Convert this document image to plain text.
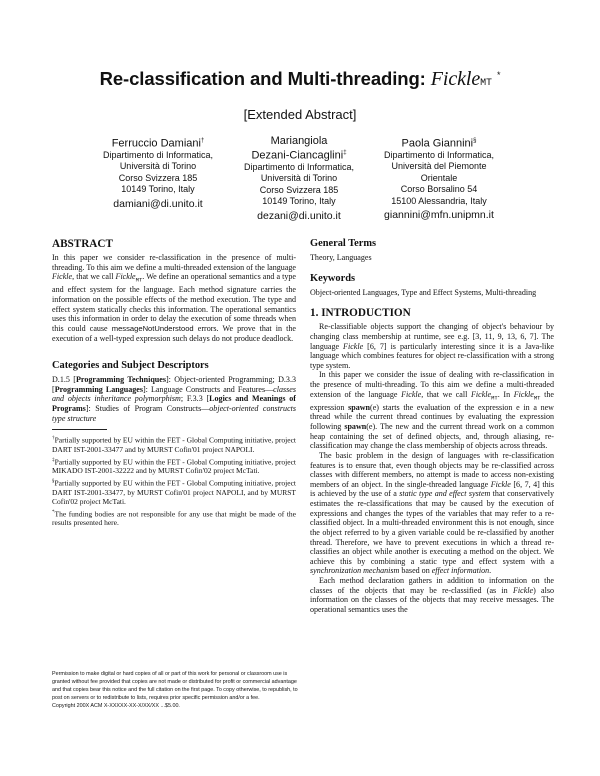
Re-classification and Multi-threading: FickleMT *
[Extended Abstract]
Ferruccio Damiani†
Dipartimento di Informatica,
Università di Torino
Corso Svizzera 185
10149 Torino, Italy
damiani@di.unito.it
Mariangiola
Dezani-Ciancaglini‡
Dipartimento di Informatica,
Università di Torino
Corso Svizzera 185
10149 Torino, Italy
dezani@di.unito.it
Paola Giannini§
Dipartimento di Informatica,
Università del Piemonte
Orientale
Corso Borsalino 54
15100 Alessandria, Italy
giannini@mfn.unipmn.it
ABSTRACT

In this paper we consider re-classification in the presence of multi-threading. To this aim we define a multi-threaded extension of the language Fickle, that we call Fickle$_{MT}$. We define an operational semantics and a type and effect system for the language. Each method signature carries the information on the possible effects of the method execution. The type and effect system statically checks this information. The operational semantics uses this information in order to delay the execution of some threads when this could cause messageNotUnderstood errors. We prove that in the execution of a well-typed expression such delays do not produce deadlock.

Categories and Subject Descriptors

D.1.5 [Programming Techniques]: Object-oriented Programming; D.3.3 [Programming Languages]: Language Constructs and Features—classes and objects inheritance polymorphism; F.3.3 [Logics and Meanings of Programs]: Studies of Program Constructs—object-oriented constructs type structure

†Partially supported by EU within the FET - Global Computing initiative, project DART IST-2001-33477 and by MURST Cofin'01 project NAPOLI.

‡Partially supported by EU within the FET - Global Computing initiative, project MIKADO IST-2001-32222 and by MURST Cofin'02 project McTati.

§Partially supported by EU within the FET - Global Computing initiative, project DART IST-2001-33477, by MURST Cofin'01 project NAPOLI, and by MURST Cofin'02 project McTati.

*The funding bodies are not responsible for any use that might be made of the results presented here.

Permission to make digital or hard copies of all or part of this work for personal or classroom use is granted without fee provided that copies are not made or distributed for profit or commercial advantage and that copies bear this notice and the full citation on the first page. To copy otherwise, to republish, to post on servers or to redistribute to lists, requires prior specific permission and/or a fee.
Copyright 200X ACM X-XXXXX-XX-X/XX/XX ...$5.00.
General Terms

Theory, Languages

Keywords

Object-oriented Languages, Type and Effect Systems, Multi-threading

1. INTRODUCTION

Re-classifiable objects support the changing of object's behaviour by changing class membership at runtime, see e.g. [3, 11, 9, 13, 6, 7]. The language Fickle [6, 7] is particularly interesting since it is a Java-like language which combines features for object re-classification with a strong type system.

In this paper we consider the issue of dealing with re-classification in the presence of multi-threading. To this aim we define a multi-threaded extension of the language Fickle, that we call Fickle$_{MT}$. In Fickle$_{MT}$ the expression spawn(e) starts the evaluation of the expression e in a new thread while the current thread continues by evaluating the expression following spawn(e). The new and the current thread work on a common heap containing the set of defined objects, and, through aliasing, re-classification may change the class membership of objects across threads.

The basic problem in the design of languages with re-classification features is to ensure that, even though objects may be re-classified across classes with different members, no attempt is made to access non-existing members of an object. In the single-threaded language Fickle [6, 7, 4] this is achieved by the use of a static type and effect system that conservatively estimates the re-classifications that may be caused by the execution of expressions and changes the types of the variables that may refer to a re-classified object. In a multi-threaded environment this is not enough, since the object referred to by a given variable could be re-classified by another thread. Therefore, we have to prevent executions in which a thread re-classifies an object while another is executing a method on the object. We achieve this by combining a static type and effect system with a synchronization mechanism based on effect information.

Each method declaration gathers in addition to information on the classes of the objects that may be re-classified (as in Fickle) also information on the classes of the objects that may receive messages. The operational semantics uses the
